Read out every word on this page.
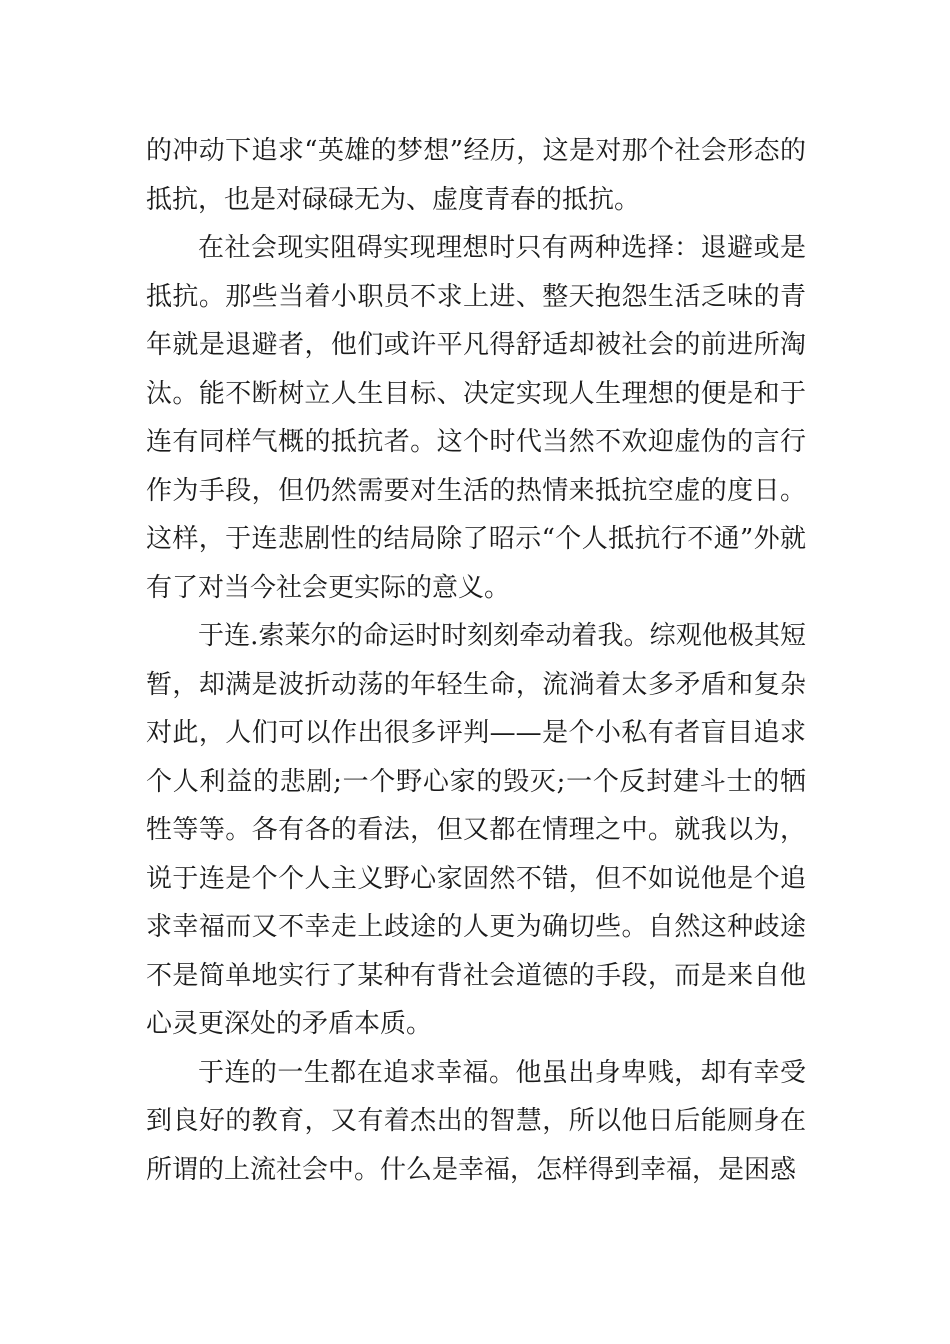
的冲动下追求“英雄的梦想”经历，这是对那个社会形态的抵抗，也是对碌碌无为、虚度青春的抵抗。

在社会现实阻碍实现理想时只有两种选择：退避或是抵抗。那些当着小职员不求上进、整天抱怨生活乏味的青年就是退避者，他们或许平凡得舒适却被社会的前进所淘汰。能不断树立人生目标、决定实现人生理想的便是和于连有同样气概的抵抗者。这个时代当然不欢迎虚伪的言行作为手段，但仍然需要对生活的热情来抵抗空虚的度日。这样，于连悲剧性的结局除了昭示“个人抵抗行不通”外就有了对当今社会更实际的意义。

于连.索莱尔的命运时时刻刻牵动着我。综观他极其短暂，却满是波折动荡的年轻生命，流淌着太多矛盾和复杂对此，人们可以作出很多评判——是个小私有者盲目追求个人利益的悲剧;一个野心家的毁灭;一个反封建斗士的牺牲等等。各有各的看法，但又都在情理之中。就我以为，说于连是个个人主义野心家固然不错，但不如说他是个追求幸福而又不幸走上歧途的人更为确切些。自然这种歧途不是简单地实行了某种有背社会道德的手段，而是来自他心灵更深处的矛盾本质。

于连的一生都在追求幸福。他虽出身卑贱，却有幸受到良好的教育，又有着杰出的智慧，所以他日后能厕身在所谓的上流社会中。什么是幸福，怎样得到幸福，是困惑
